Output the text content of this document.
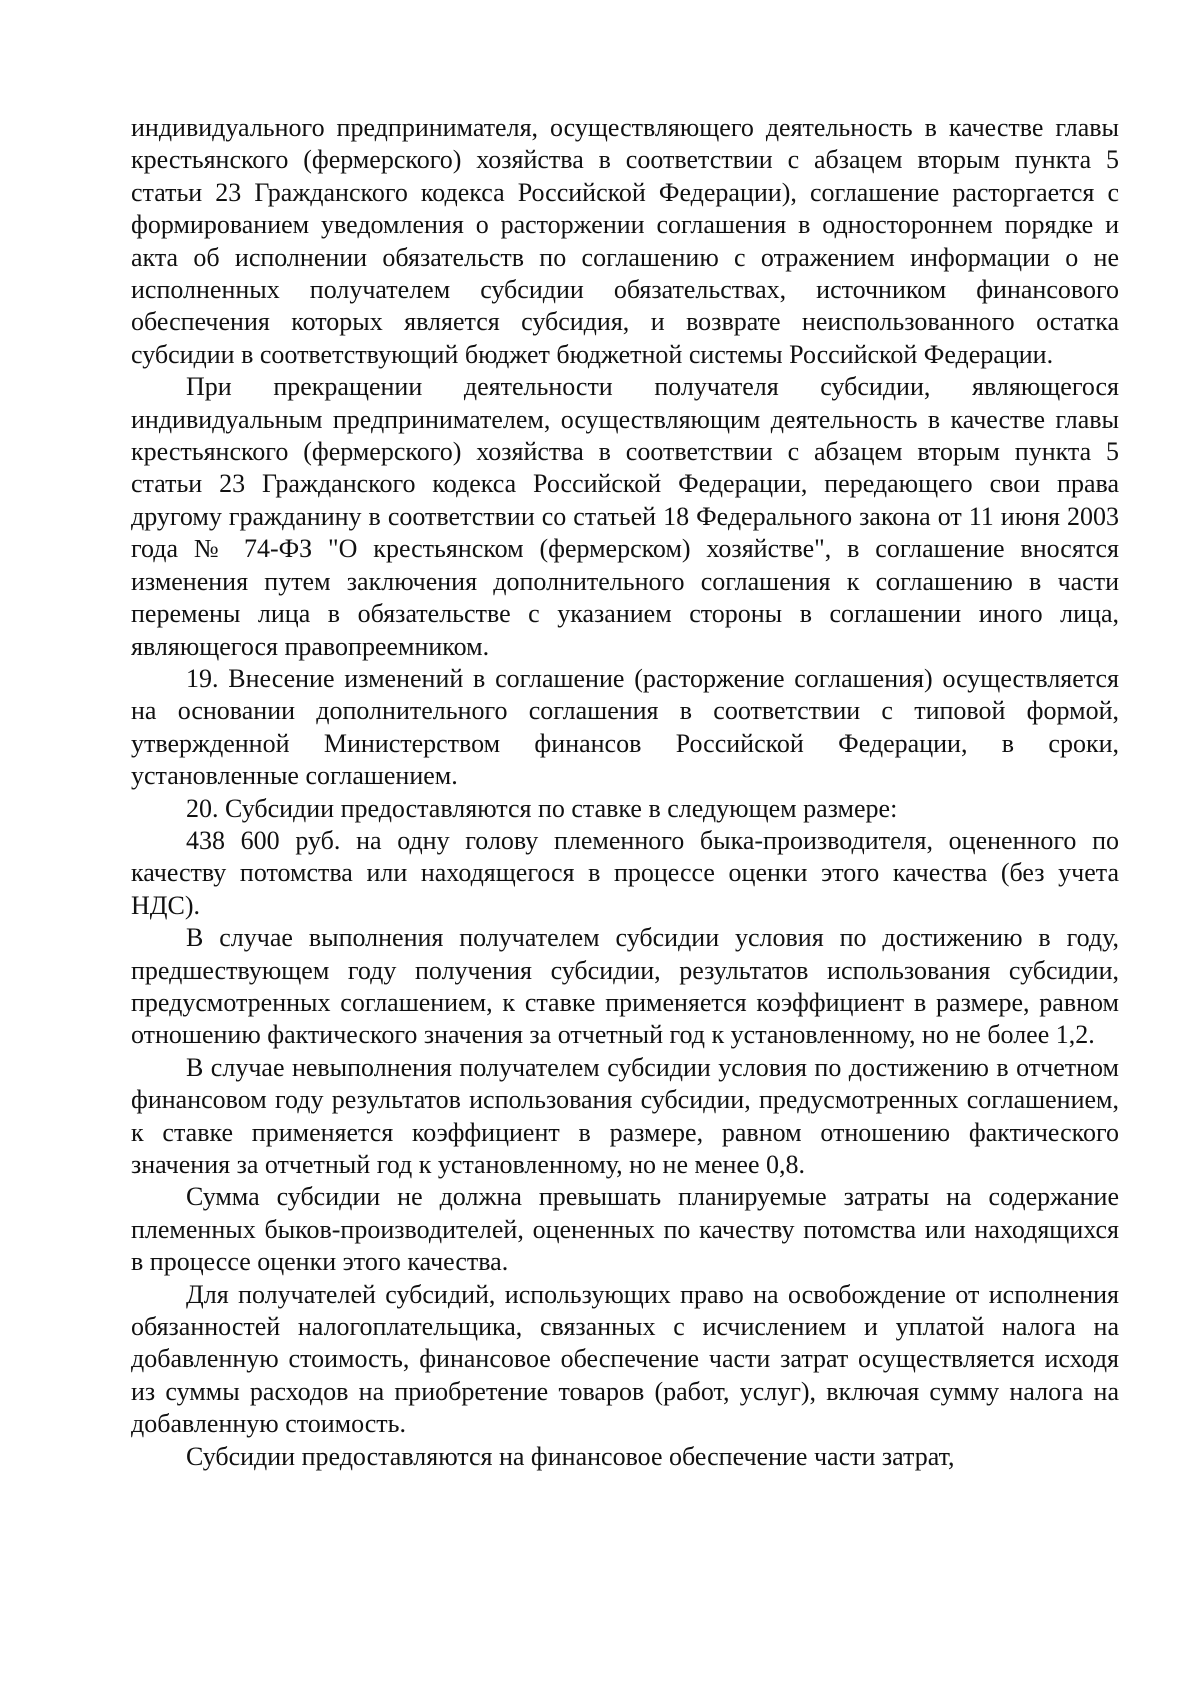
индивидуального предпринимателя, осуществляющего деятельность в качестве главы крестьянского (фермерского) хозяйства в соответствии с абзацем вторым пункта 5 статьи 23 Гражданского кодекса Российской Федерации), соглашение расторгается с формированием уведомления о расторжении соглашения в одностороннем порядке и акта об исполнении обязательств по соглашению с отражением информации о не исполненных получателем субсидии обязательствах, источником финансового обеспечения которых является субсидия, и возврате неиспользованного остатка субсидии в соответствующий бюджет бюджетной системы Российской Федерации.

При прекращении деятельности получателя субсидии, являющегося индивидуальным предпринимателем, осуществляющим деятельность в качестве главы крестьянского (фермерского) хозяйства в соответствии с абзацем вторым пункта 5 статьи 23 Гражданского кодекса Российской Федерации, передающего свои права другому гражданину в соответствии со статьей 18 Федерального закона от 11 июня 2003 года № 74-ФЗ "О крестьянском (фермерском) хозяйстве", в соглашение вносятся изменения путем заключения дополнительного соглашения к соглашению в части перемены лица в обязательстве с указанием стороны в соглашении иного лица, являющегося правопреемником.

19. Внесение изменений в соглашение (расторжение соглашения) осуществляется на основании дополнительного соглашения в соответствии с типовой формой, утвержденной Министерством финансов Российской Федерации, в сроки, установленные соглашением.

20. Субсидии предоставляются по ставке в следующем размере:

438 600 руб. на одну голову племенного быка-производителя, оцененного по качеству потомства или находящегося в процессе оценки этого качества (без учета НДС).

В случае выполнения получателем субсидии условия по достижению в году, предшествующем году получения субсидии, результатов использования субсидии, предусмотренных соглашением, к ставке применяется коэффициент в размере, равном отношению фактического значения за отчетный год к установленному, но не более 1,2.

В случае невыполнения получателем субсидии условия по достижению в отчетном финансовом году результатов использования субсидии, предусмотренных соглашением, к ставке применяется коэффициент в размере, равном отношению фактического значения за отчетный год к установленному, но не менее 0,8.

Сумма субсидии не должна превышать планируемые затраты на содержание племенных быков-производителей, оцененных по качеству потомства или находящихся в процессе оценки этого качества.

Для получателей субсидий, использующих право на освобождение от исполнения обязанностей налогоплательщика, связанных с исчислением и уплатой налога на добавленную стоимость, финансовое обеспечение части затрат осуществляется исходя из суммы расходов на приобретение товаров (работ, услуг), включая сумму налога на добавленную стоимость.

Субсидии предоставляются на финансовое обеспечение части затрат,
